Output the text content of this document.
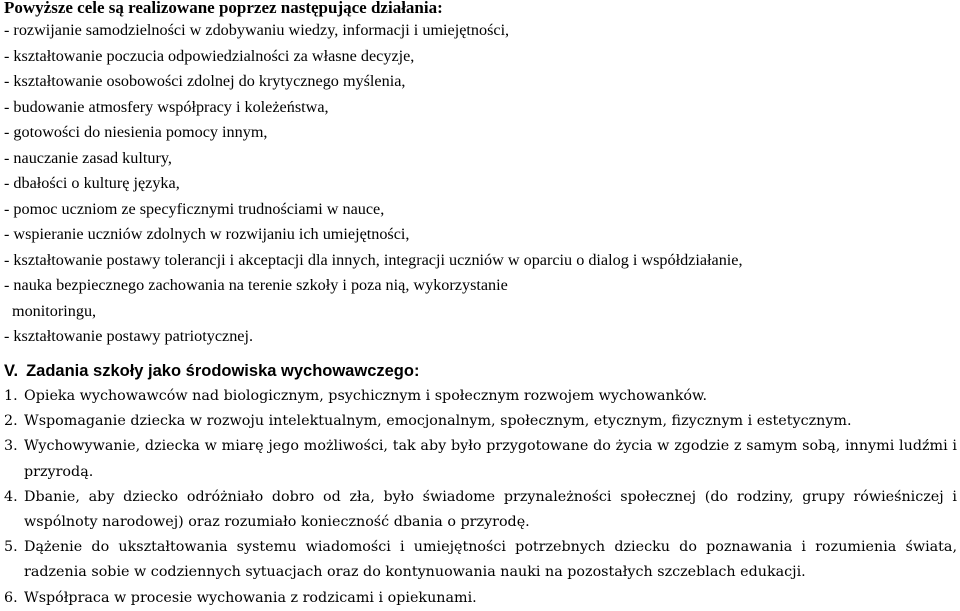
Powyższe cele są realizowane poprzez następujące działania:

- rozwijanie samodzielności w zdobywaniu wiedzy, informacji i umiejętności,
- kształtowanie poczucia odpowiedzialności za własne decyzje,
- kształtowanie osobowości zdolnej do krytycznego myślenia,
- budowanie atmosfery współpracy i koleżeństwa,
- gotowości do niesienia pomocy innym,
- nauczanie zasad kultury,
- dbałości o kulturę języka,
- pomoc uczniom ze specyficznymi trudnościami w nauce,
- wspieranie uczniów zdolnych w rozwijaniu ich umiejętności,
- kształtowanie postawy tolerancji i akceptacji dla innych, integracji uczniów w oparciu o dialog i współdziałanie,
- nauka bezpiecznego zachowania na terenie szkoły i poza nią, wykorzystanie
monitoringu,
- kształtowanie postawy patriotycznej.
V. Zadania szkoły jako środowiska wychowawczego:
1. Opieka wychowawców nad biologicznym, psychicznym i społecznym rozwojem wychowanków.
2. Wspomaganie dziecka w rozwoju intelektualnym, emocjonalnym, społecznym, etycznym, fizycznym i estetycznym.
3. Wychowywanie, dziecka w miarę jego możliwości, tak aby było przygotowane do życia w zgodzie z samym sobą, innymi ludźmi i przyrodą.
4. Dbanie, aby dziecko odróżniało dobro od zła, było świadome przynależności społecznej (do rodziny, grupy rówieśniczej i wspólnoty narodowej) oraz rozumiało konieczność dbania o przyrodę.
5. Dążenie do ukształtowania systemu wiadomości i umiejętności potrzebnych dziecku do poznawania i rozumienia świata, radzenia sobie w codziennych sytuacjach oraz do kontynuowania nauki na pozostałych szczeblach edukacji.
6. Współpraca w procesie wychowania z rodzicami i opiekunami.
